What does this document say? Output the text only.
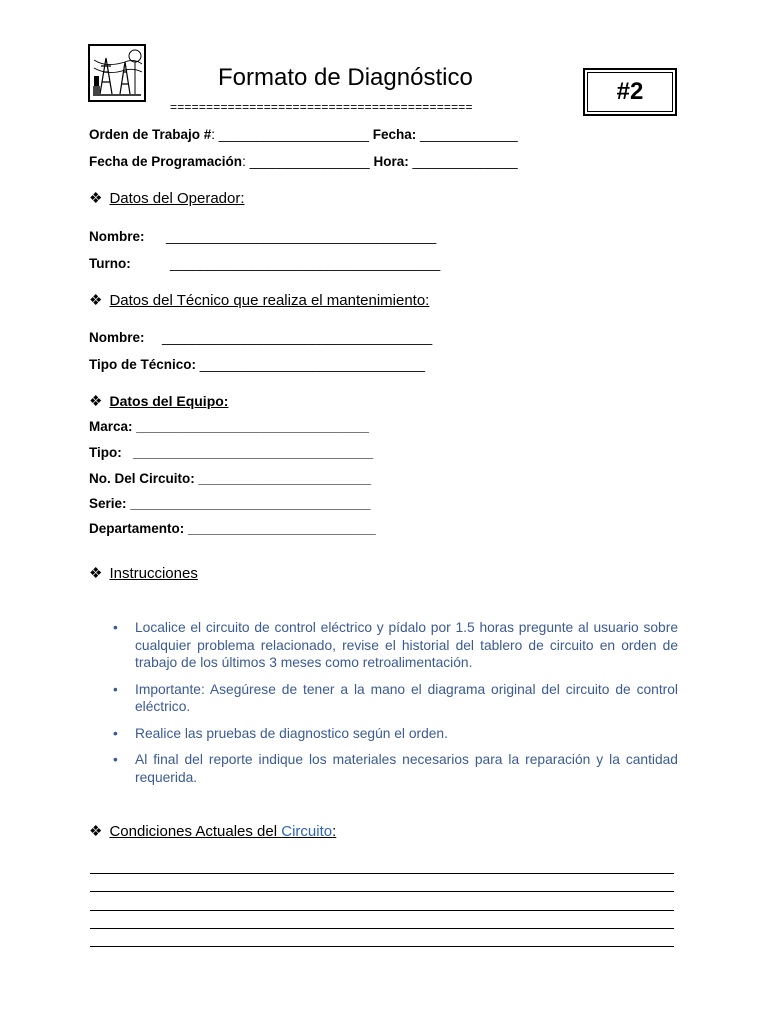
Formato de Diagnóstico
==========================================
#2
Orden de Trabajo #: ____________________ Fecha: _____________
Fecha de Programación: ________________ Hora: ______________
❖ Datos del Operador:
Nombre: ____________________________________
Turno:	____________________________________
❖ Datos del Técnico que realiza el mantenimiento:
Nombre: ____________________________________
Tipo de Técnico: ______________________________
❖ Datos del Equipo:
Marca: _______________________________
Tipo:   ________________________________
No. Del Circuito: _______________________
Serie: ________________________________
Departamento: _________________________
❖ Instrucciones
• Localice el circuito de control eléctrico y pídalo por 1.5 horas pregunte al usuario sobre cualquier problema relacionado, revise el historial del tablero de circuito en orden de trabajo de los últimos 3 meses como retroalimentación.
• Importante: Asegúrese de tener a la mano el diagrama original del circuito de control eléctrico.
• Realice las pruebas de diagnostico según el orden.
• Al final del reporte indique los materiales necesarios para la reparación y la cantidad requerida.
❖ Condiciones Actuales del Circuito:
